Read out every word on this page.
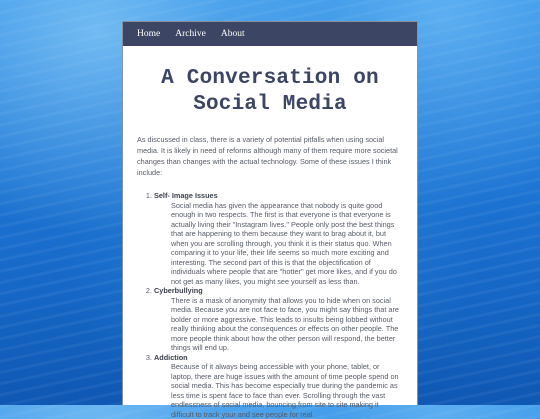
Home Archive About
A Conversation on
Social Media

As discussed in class, there is a variety of potential pitfalls when using social media. It is likely in need of reforms although many of them require more societal changes than changes with the actual technology. Some of these issues I think include:

1. Self- Image Issues
Social media has given the appearance that nobody is quite good enough in two respects. The first is that everyone is that everyone is actually living their "Instagram lives." People only post the best things that are happening to them because they want to brag about it, but when you are scrolling through, you think it is their status quo. When comparing it to your life, their life seems so much more exciting and interesting. The second part of this is that the objectification of individuals where people that are "hotter" get more likes, and if you do not get as many likes, you might see yourself as less than.
2. Cyberbullying
There is a mask of anonymity that allows you to hide when on social media. Because you are not face to face, you might say things that are bolder or more aggressive. This leads to insults being lobbed without really thinking about the consequences or effects on other people. The more people think about how the other person will respond, the better things will end up.
3. Addiction
Because of it always being accessible with your phone, tablet, or laptop, there are huge issues with the amount of time people spend on social media. This has become especially true during the pandemic as less time is spent face to face than ever. Scrolling through the vast endlessness of social media, bouncing from site to site making it difficult to track your and see people for real.
